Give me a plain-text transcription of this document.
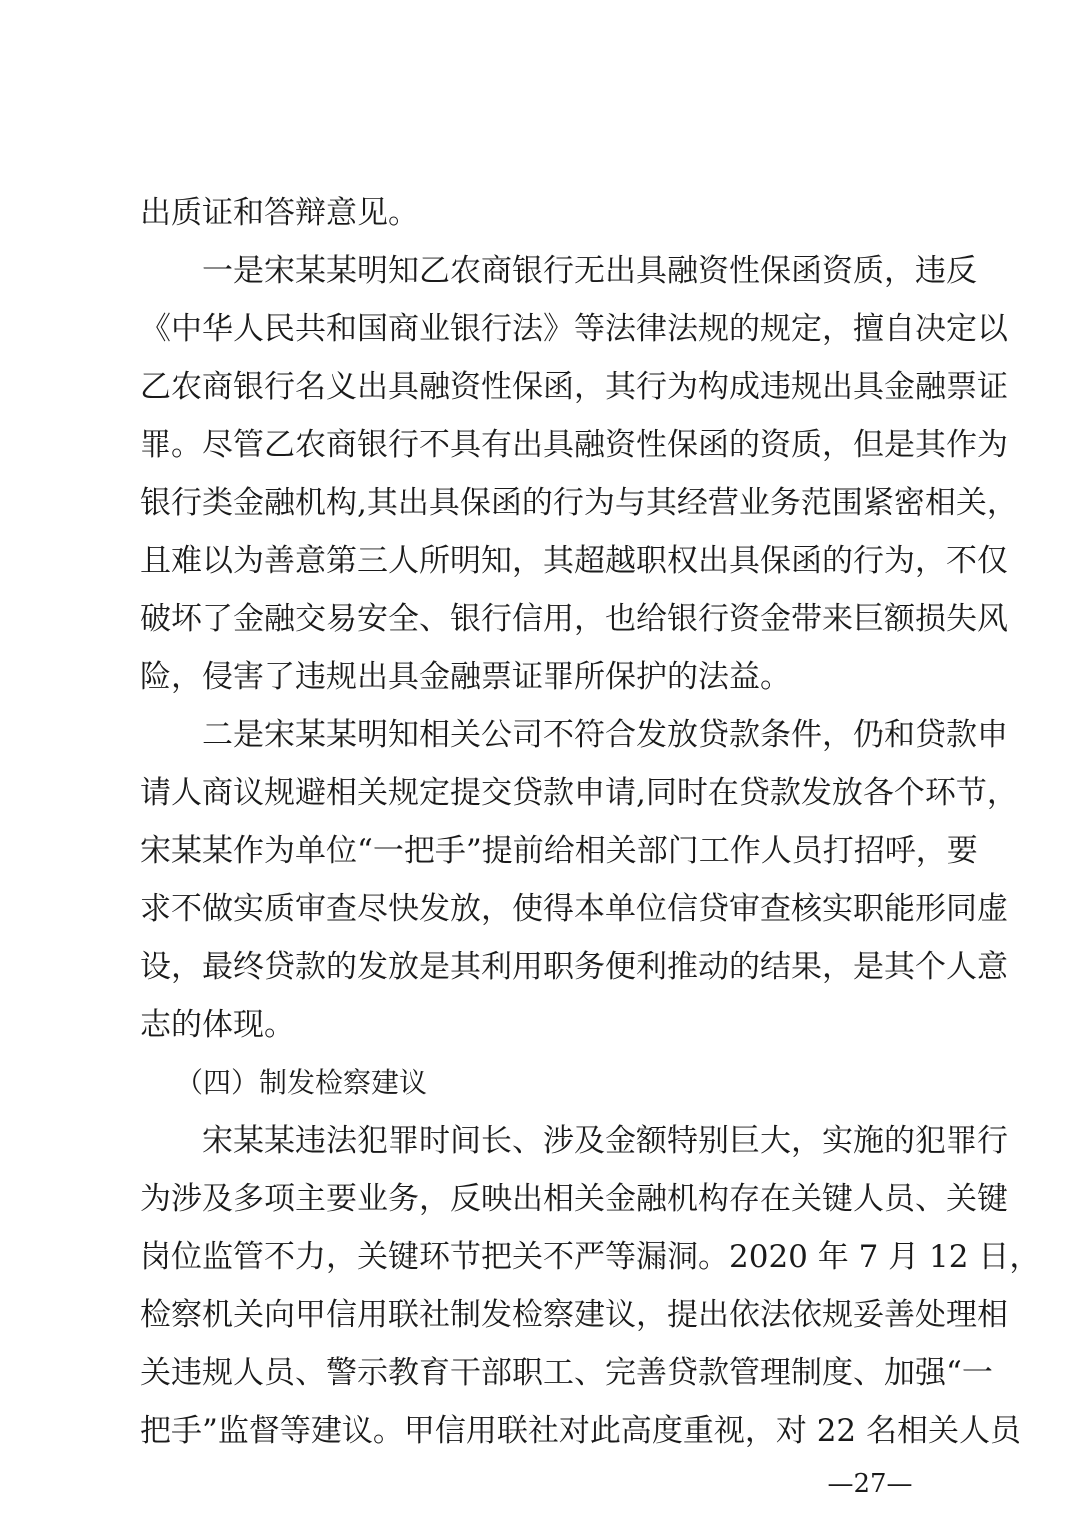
出质证和答辩意见。
一是宋某某明知乙农商银行无出具融资性保函资质，违反
《中华人民共和国商业银行法》等法律法规的规定，擅自决定以
乙农商银行名义出具融资性保函，其行为构成违规出具金融票证
罪。尽管乙农商银行不具有出具融资性保函的资质，但是其作为
银行类金融机构,其出具保函的行为与其经营业务范围紧密相关，
且难以为善意第三人所明知，其超越职权出具保函的行为，不仅
破坏了金融交易安全、银行信用，也给银行资金带来巨额损失风
险，侵害了违规出具金融票证罪所保护的法益。
二是宋某某明知相关公司不符合发放贷款条件，仍和贷款申
请人商议规避相关规定提交贷款申请,同时在贷款发放各个环节，
宋某某作为单位“一把手”提前给相关部门工作人员打招呼，要
求不做实质审查尽快发放，使得本单位信贷审查核实职能形同虚
设，最终贷款的发放是其利用职务便利推动的结果，是其个人意
志的体现。
（四）制发检察建议
宋某某违法犯罪时间长、涉及金额特别巨大，实施的犯罪行
为涉及多项主要业务，反映出相关金融机构存在关键人员、关键
岗位监管不力，关键环节把关不严等漏洞。2020 年 7 月 12 日，
检察机关向甲信用联社制发检察建议，提出依法依规妥善处理相
关违规人员、警示教育干部职工、完善贷款管理制度、加强“一
把手”监督等建议。甲信用联社对此高度重视，对 22 名相关人员
—27—
